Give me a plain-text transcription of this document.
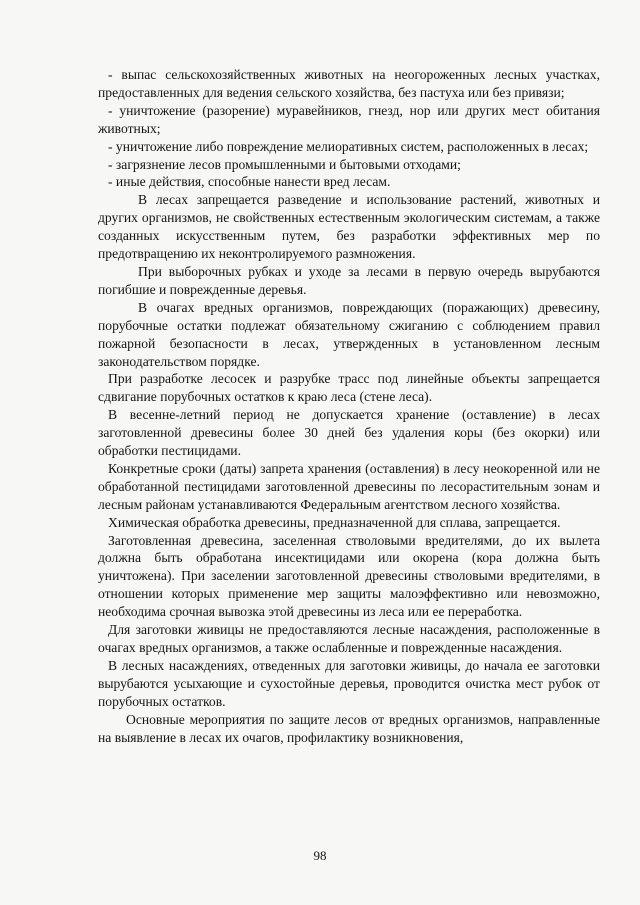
- выпас сельскохозяйственных животных на неогороженных лесных участках, предоставленных для ведения сельского хозяйства, без пастуха или без привязи;

- уничтожение (разорение) муравейников, гнезд, нор или других мест обитания животных;

- уничтожение либо повреждение мелиоративных систем, расположенных в лесах;

- загрязнение лесов промышленными и бытовыми отходами;

- иные действия, способные нанести вред лесам.

В лесах запрещается разведение и использование растений, животных и других организмов, не свойственных естественным экологическим системам, а также созданных искусственным путем, без разработки эффективных мер по предотвращению их неконтролируемого размножения.

При выборочных рубках и уходе за лесами в первую очередь вырубаются погибшие и поврежденные деревья.

В очагах вредных организмов, повреждающих (поражающих) древесину, порубочные остатки подлежат обязательному сжиганию с соблюдением правил пожарной безопасности в лесах, утвержденных в установленном лесным законодательством порядке.

При разработке лесосек и разрубке трасс под линейные объекты запрещается сдвигание порубочных остатков к краю леса (стене леса).

В весенне-летний период не допускается хранение (оставление) в лесах заготовленной древесины более 30 дней без удаления коры (без окорки) или обработки пестицидами.

Конкретные сроки (даты) запрета хранения (оставления) в лесу неокоренной или не обработанной пестицидами заготовленной древесины по лесорастительным зонам и лесным районам устанавливаются Федеральным агентством лесного хозяйства.

Химическая обработка древесины, предназначенной для сплава, запрещается.

Заготовленная древесина, заселенная стволовыми вредителями, до их вылета должна быть обработана инсектицидами или окорена (кора должна быть уничтожена). При заселении заготовленной древесины стволовыми вредителями, в отношении которых применение мер защиты малоэффективно или невозможно, необходима срочная вывозка этой древесины из леса или ее переработка.

Для заготовки живицы не предоставляются лесные насаждения, расположенные в очагах вредных организмов, а также ослабленные и поврежденные насаждения.

В лесных насаждениях, отведенных для заготовки живицы, до начала ее заготовки вырубаются усыхающие и сухостойные деревья, проводится очистка мест рубок от порубочных остатков.

Основные мероприятия по защите лесов от вредных организмов, направленные на выявление в лесах их очагов, профилактику возникновения,

98
